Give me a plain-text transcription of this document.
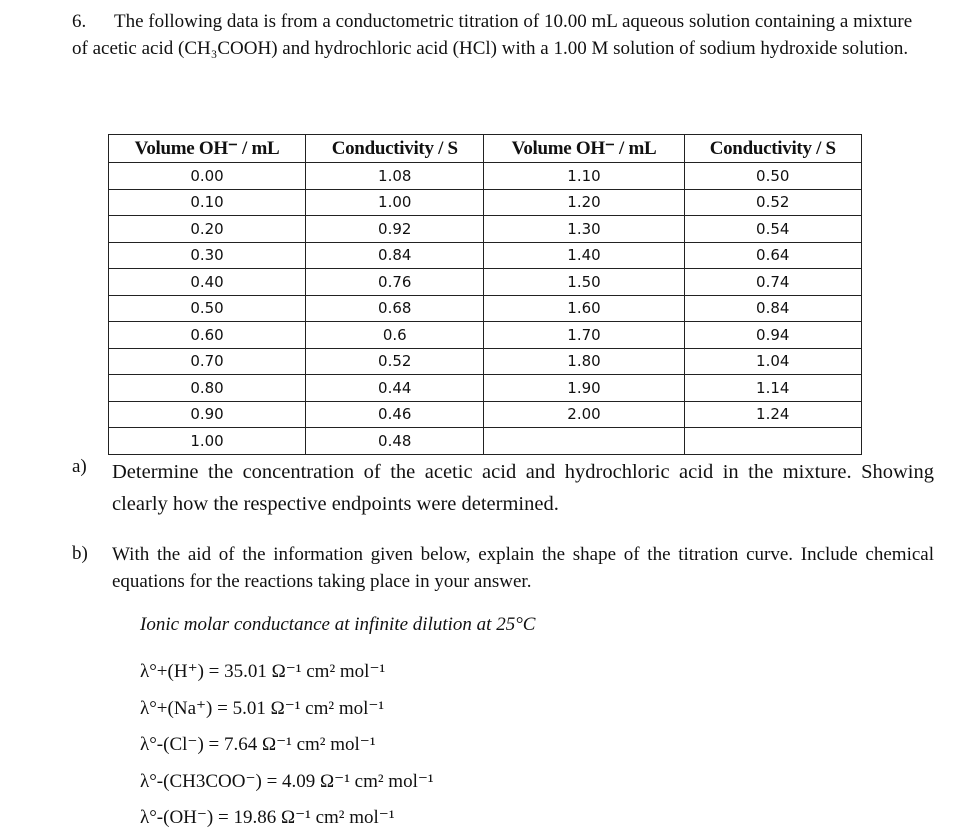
6. The following data is from a conductometric titration of 10.00 mL aqueous solution containing a mixture of acetic acid (CH₃COOH) and hydrochloric acid (HCl) with a 1.00 M solution of sodium hydroxide solution.
Volume OH⁻ / mL	Conductivity / S	Volume OH⁻ / mL	Conductivity / S
0.00	1.08	1.10	0.50
0.10	1.00	1.20	0.52
0.20	0.92	1.30	0.54
0.30	0.84	1.40	0.64
0.40	0.76	1.50	0.74
0.50	0.68	1.60	0.84
0.60	0.6	1.70	0.94
0.70	0.52	1.80	1.04
0.80	0.44	1.90	1.14
0.90	0.46	2.00	1.24
1.00	0.48		
a) Determine the concentration of the acetic acid and hydrochloric acid in the mixture. Showing clearly how the respective endpoints were determined.
b) With the aid of the information given below, explain the shape of the titration curve. Include chemical equations for the reactions taking place in your answer.
Ionic molar conductance at infinite dilution at 25°C
λ°+(H⁺) = 35.01 Ω⁻¹ cm² mol⁻¹
λ°+(Na⁺) = 5.01 Ω⁻¹ cm² mol⁻¹
λ°-(Cl⁻) = 7.64 Ω⁻¹ cm² mol⁻¹
λ°-(CH3COO⁻) = 4.09 Ω⁻¹ cm² mol⁻¹
λ°-(OH⁻) = 19.86 Ω⁻¹ cm² mol⁻¹
